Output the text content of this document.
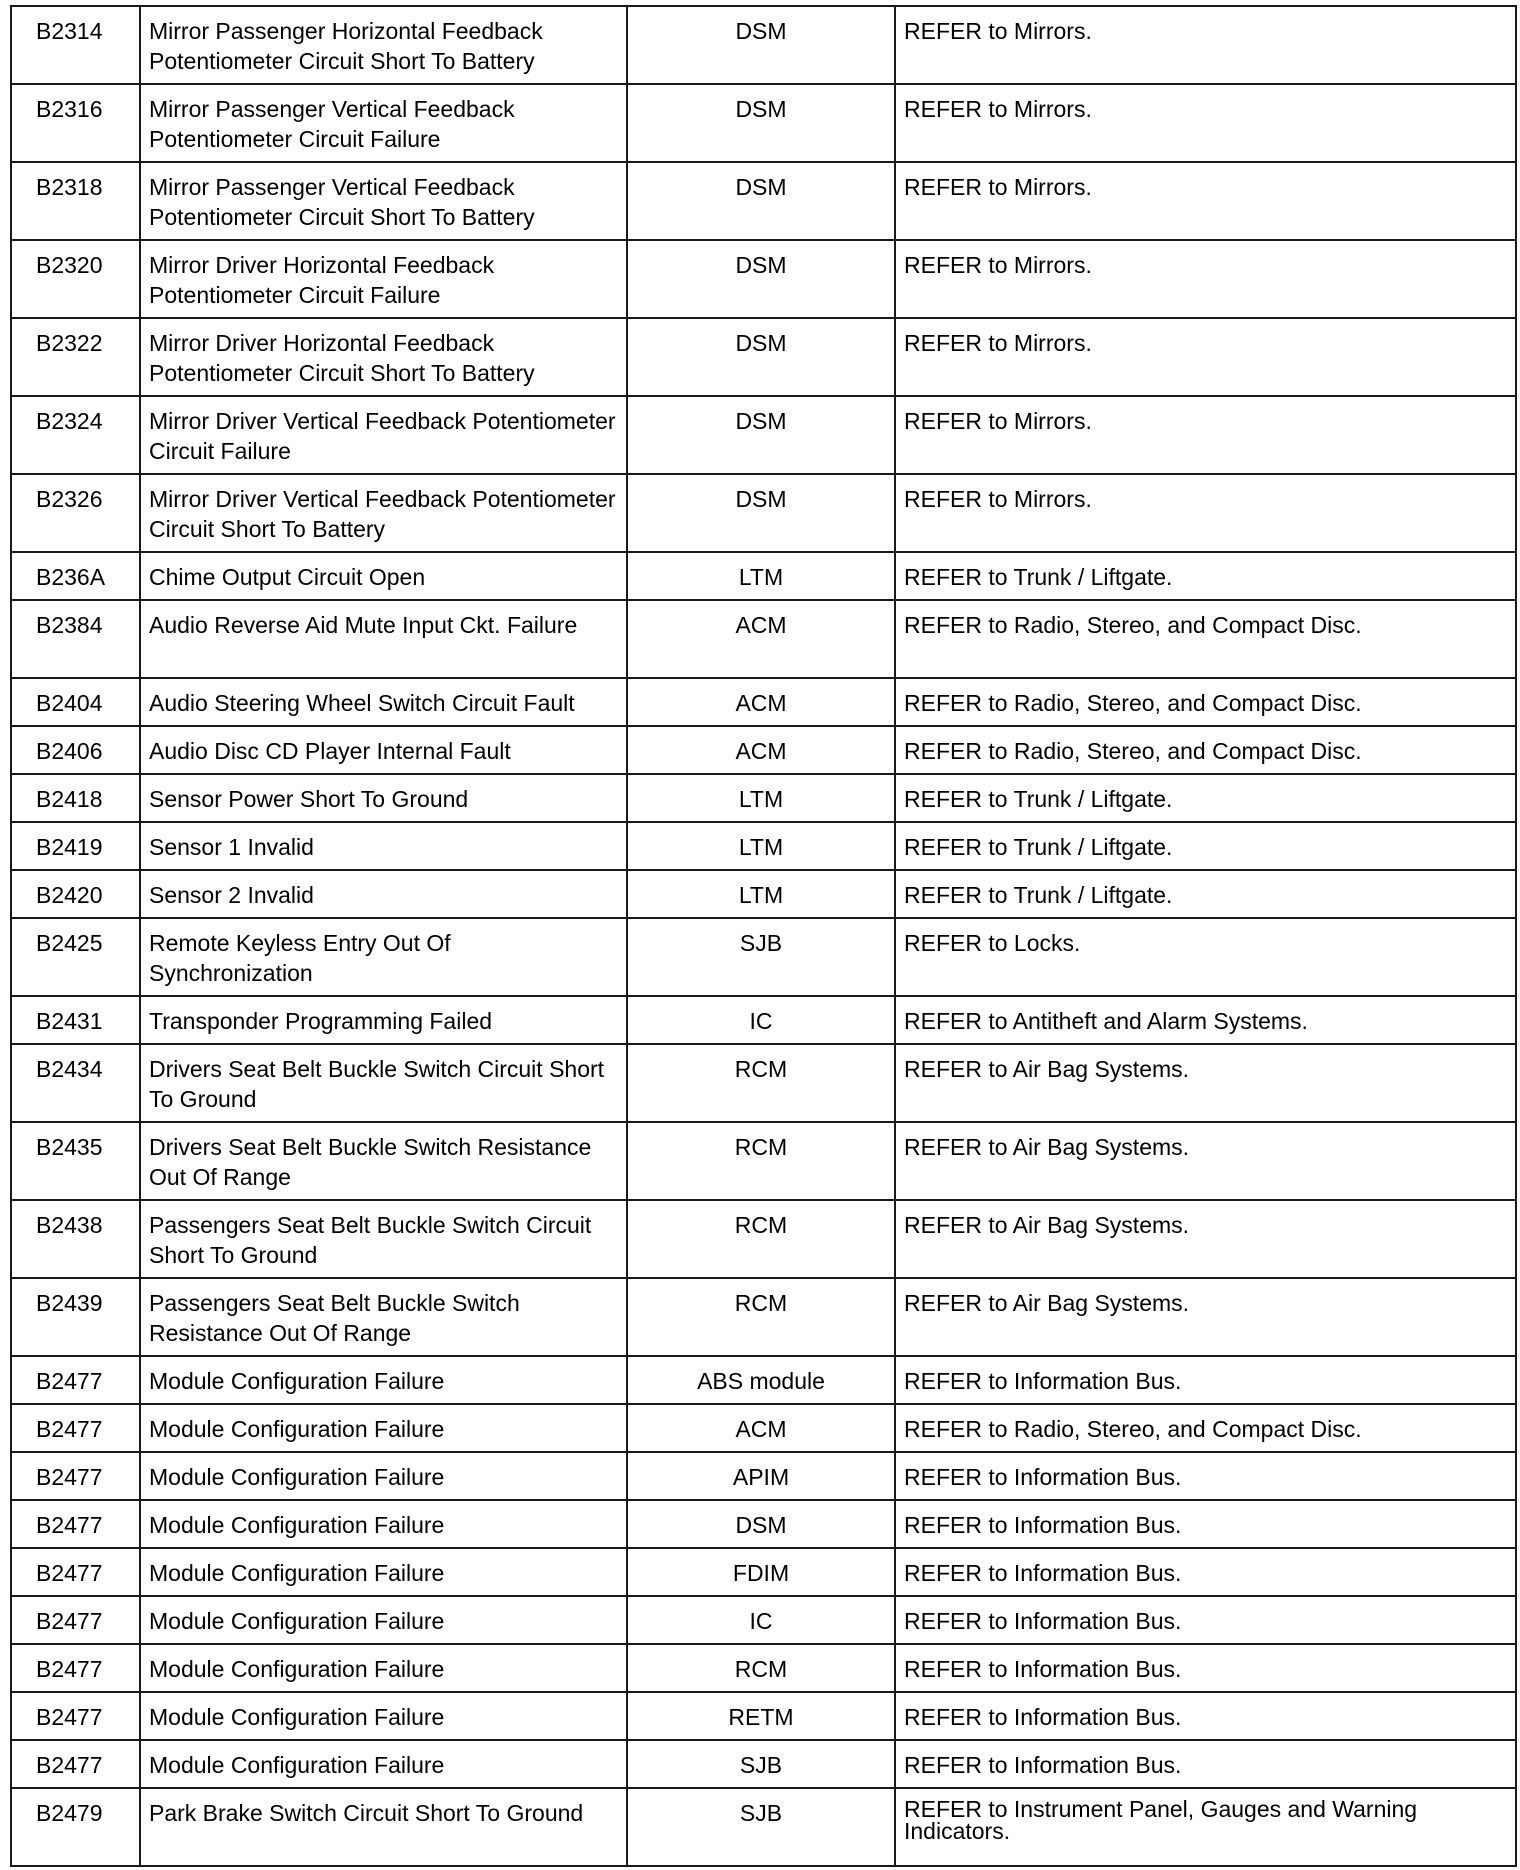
B2314	Mirror Passenger Horizontal Feedback Potentiometer Circuit Short To Battery	DSM	REFER to Mirrors.
B2316	Mirror Passenger Vertical Feedback Potentiometer Circuit Failure	DSM	REFER to Mirrors.
B2318	Mirror Passenger Vertical Feedback Potentiometer Circuit Short To Battery	DSM	REFER to Mirrors.
B2320	Mirror Driver Horizontal Feedback Potentiometer Circuit Failure	DSM	REFER to Mirrors.
B2322	Mirror Driver Horizontal Feedback Potentiometer Circuit Short To Battery	DSM	REFER to Mirrors.
B2324	Mirror Driver Vertical Feedback Potentiometer Circuit Failure	DSM	REFER to Mirrors.
B2326	Mirror Driver Vertical Feedback Potentiometer Circuit Short To Battery	DSM	REFER to Mirrors.
B236A	Chime Output Circuit Open	LTM	REFER to Trunk / Liftgate.
B2384	Audio Reverse Aid Mute Input Ckt. Failure	ACM	REFER to Radio, Stereo, and Compact Disc.
B2404	Audio Steering Wheel Switch Circuit Fault	ACM	REFER to Radio, Stereo, and Compact Disc.
B2406	Audio Disc CD Player Internal Fault	ACM	REFER to Radio, Stereo, and Compact Disc.
B2418	Sensor Power Short To Ground	LTM	REFER to Trunk / Liftgate.
B2419	Sensor 1 Invalid	LTM	REFER to Trunk / Liftgate.
B2420	Sensor 2 Invalid	LTM	REFER to Trunk / Liftgate.
B2425	Remote Keyless Entry Out Of Synchronization	SJB	REFER to Locks.
B2431	Transponder Programming Failed	IC	REFER to Antitheft and Alarm Systems.
B2434	Drivers Seat Belt Buckle Switch Circuit Short To Ground	RCM	REFER to Air Bag Systems.
B2435	Drivers Seat Belt Buckle Switch Resistance Out Of Range	RCM	REFER to Air Bag Systems.
B2438	Passengers Seat Belt Buckle Switch Circuit Short To Ground	RCM	REFER to Air Bag Systems.
B2439	Passengers Seat Belt Buckle Switch Resistance Out Of Range	RCM	REFER to Air Bag Systems.
B2477	Module Configuration Failure	ABS module	REFER to Information Bus.
B2477	Module Configuration Failure	ACM	REFER to Radio, Stereo, and Compact Disc.
B2477	Module Configuration Failure	APIM	REFER to Information Bus.
B2477	Module Configuration Failure	DSM	REFER to Information Bus.
B2477	Module Configuration Failure	FDIM	REFER to Information Bus.
B2477	Module Configuration Failure	IC	REFER to Information Bus.
B2477	Module Configuration Failure	RCM	REFER to Information Bus.
B2477	Module Configuration Failure	RETM	REFER to Information Bus.
B2477	Module Configuration Failure	SJB	REFER to Information Bus.
B2479	Park Brake Switch Circuit Short To Ground	SJB	REFER to Instrument Panel, Gauges and Warning Indicators.
